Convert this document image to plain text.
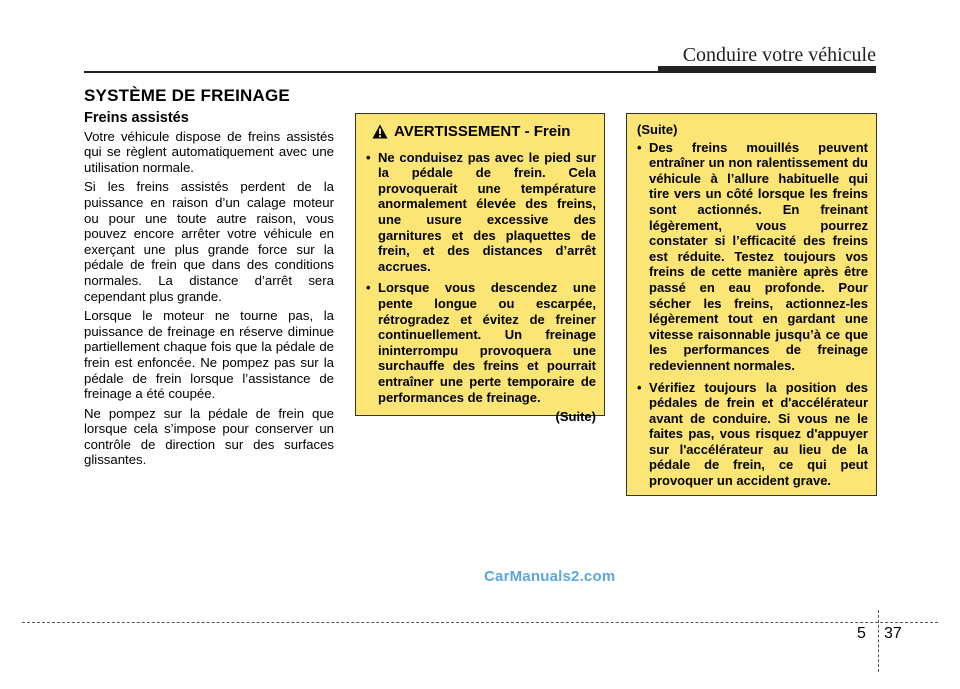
Conduire votre véhicule
SYSTÈME DE FREINAGE
Freins assistés

Votre véhicule dispose de freins assistés qui se règlent automatiquement avec une utilisation normale.

Si les freins assistés perdent de la puissance en raison d’un calage moteur ou pour une toute autre raison, vous pouvez encore arrêter votre véhicule en exerçant une plus grande force sur la pédale de frein que dans des conditions normales. La distance d’arrêt sera cependant plus grande.

Lorsque le moteur ne tourne pas, la puissance de freinage en réserve diminue partiellement chaque fois que la pédale de frein est enfoncée. Ne pompez pas sur la pédale de frein lorsque l’assistance de freinage a été coupée.

Ne pompez sur la pédale de frein que lorsque cela s’impose pour conserver un contrôle de direction sur des surfaces glissantes.

AVERTISSEMENT - Frein
• Ne conduisez pas avec le pied sur la pédale de frein. Cela provoquerait une température anormalement élevée des freins, une usure excessive des garnitures et des plaquettes de frein, et des distances d’arrêt accrues.
• Lorsque vous descendez une pente longue ou escarpée, rétrogradez et évitez de freiner continuellement. Un freinage ininterrompu provoquera une surchauffe des freins et pourrait entraîner une perte temporaire de performances de freinage.
(Suite)
(Suite)
• Des freins mouillés peuvent entraîner un non ralentissement du véhicule à l’allure habituelle qui tire vers un côté lorsque les freins sont actionnés. En freinant légèrement, vous pourrez constater si l’efficacité des freins est réduite. Testez toujours vos freins de cette manière après être passé en eau profonde. Pour sécher les freins, actionnez-les légèrement tout en gardant une vitesse raisonnable jusqu’à ce que les performances de freinage redeviennent normales.
• Vérifiez toujours la position des pédales de frein et d'accélérateur avant de conduire. Si vous ne le faites pas, vous risquez d'appuyer sur l'accélérateur au lieu de la pédale de frein, ce qui peut provoquer un accident grave.
CarManuals2.com
5 37
